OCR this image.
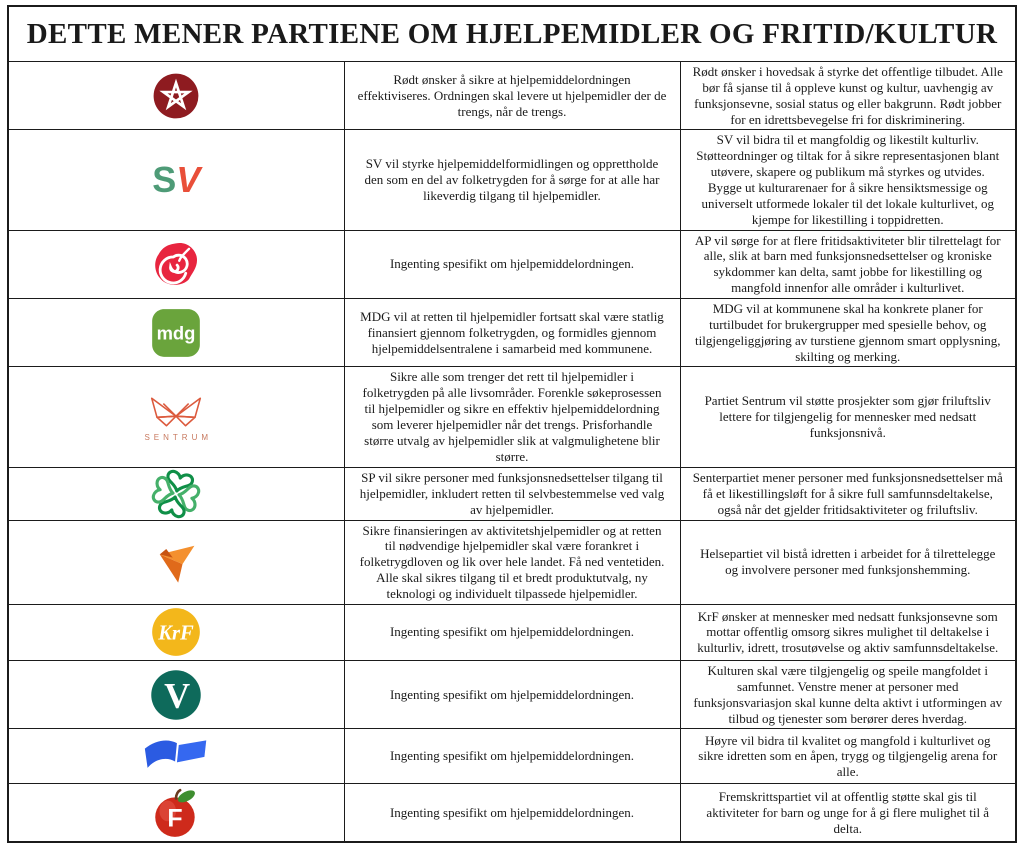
DETTE MENER PARTIENE OM HJELPEMIDLER OG FRITID/KULTUR		

	Rødt ønsker å sikre at hjelpemiddelordningen effektiviseres. Ordningen skal levere ut hjelpemidler der de trengs, når de trengs.	Rødt ønsker i hovedsak å styrke det offentlige tilbudet. Alle bør få sjanse til å oppleve kunst og kultur, uavhengig av funksjonsevne, sosial status og eller bakgrunn. Rødt jobber for en idrettsbevegelse fri for diskriminering.

SV	SV vil styrke hjelpemiddelformidlingen og opprettholde den som en del av folketrygden for å sørge for at alle har likeverdig tilgang til hjelpemidler.	SV vil bidra til et mangfoldig og likestilt kulturliv. Støtteordninger og tiltak for å sikre representasjonen blant utøvere, skapere og publikum må styrkes og utvides. Bygge ut kulturarenaer for å sikre hensiktsmessige og universelt utformede lokaler til det lokale kulturlivet, og kjempe for likestilling i toppidretten.

	Ingenting spesifikt om hjelpemiddelordningen.	AP vil sørge for at flere fritidsaktiviteter blir tilrettelagt for alle, slik at barn med funksjonsnedsettelser og kroniske sykdommer kan delta, samt jobbe for likestilling og mangfold innenfor alle områder i kulturlivet.

mdg	MDG vil at retten til hjelpemidler fortsatt skal være statlig finansiert gjennom folketrygden, og formidles gjennom hjelpemiddelsentralene i samarbeid med kommunene.	MDG vil at kommunene skal ha konkrete planer for turtilbudet for brukergrupper med spesielle behov, og tilgjengeliggjøring av turstiene gjennom smart opplysning, skilting og merking.

SENTRUM	Sikre alle som trenger det rett til hjelpemidler i folketrygden på alle livsområder. Forenkle søkeprosessen til hjelpemidler og sikre en effektiv hjelpemiddelordning som leverer hjelpemidler når det trengs. Prisforhandle større utvalg av hjelpemidler slik at valgmulighetene blir større.	Partiet Sentrum vil støtte prosjekter som gjør friluftsliv lettere for tilgjengelig for mennesker med nedsatt funksjonsnivå.

	SP vil sikre personer med funksjonsnedsettelser tilgang til hjelpemidler, inkludert retten til selvbestemmelse ved valg av hjelpemidler.	Senterpartiet mener personer med funksjonsnedsettelser må få et likestillingsløft for å sikre full samfunnsdeltakelse, også når det gjelder fritidsaktiviteter og friluftsliv.

	Sikre finansieringen av aktivitetshjelpemidler og at retten til nødvendige hjelpemidler skal være forankret i folketrygdloven og lik over hele landet. Få ned ventetiden. Alle skal sikres tilgang til et bredt produktutvalg, ny teknologi og individuelt tilpassede hjelpemidler.	Helsepartiet vil bistå idretten i arbeidet for å tilrettelegge og involvere personer med funksjonshemming.

KrF	Ingenting spesifikt om hjelpemiddelordningen.	KrF ønsker at mennesker med nedsatt funksjonsevne som mottar offentlig omsorg sikres mulighet til deltakelse i kulturliv, idrett, trosutøvelse og aktiv samfunnsdeltakelse.

V	Ingenting spesifikt om hjelpemiddelordningen.	Kulturen skal være tilgjengelig og speile mangfoldet i samfunnet. Venstre mener at personer med funksjonsvariasjon skal kunne delta aktivt i utformingen av tilbud og tjenester som berører deres hverdag.

	Ingenting spesifikt om hjelpemiddelordningen.	Høyre vil bidra til kvalitet og mangfold i kulturlivet og sikre idretten som en åpen, trygg og tilgjengelig arena for alle.

F	Ingenting spesifikt om hjelpemiddelordningen.	Fremskrittspartiet vil at offentlig støtte skal gis til aktiviteter for barn og unge for å gi flere mulighet til å delta.
